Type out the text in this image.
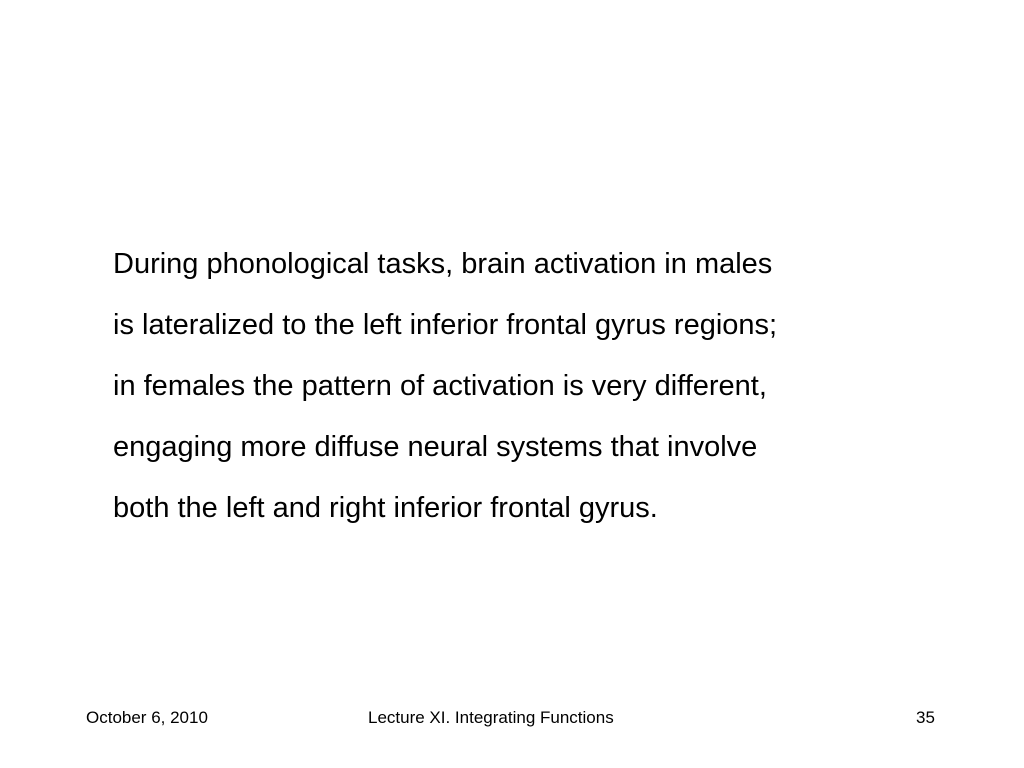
During phonological tasks, brain activation in males
is lateralized to the left inferior frontal gyrus regions;
in females the pattern of activation is very different,
engaging more diffuse neural systems that involve
both the left and right inferior frontal gyrus.
October 6, 2010	Lecture XI. Integrating Functions	35
